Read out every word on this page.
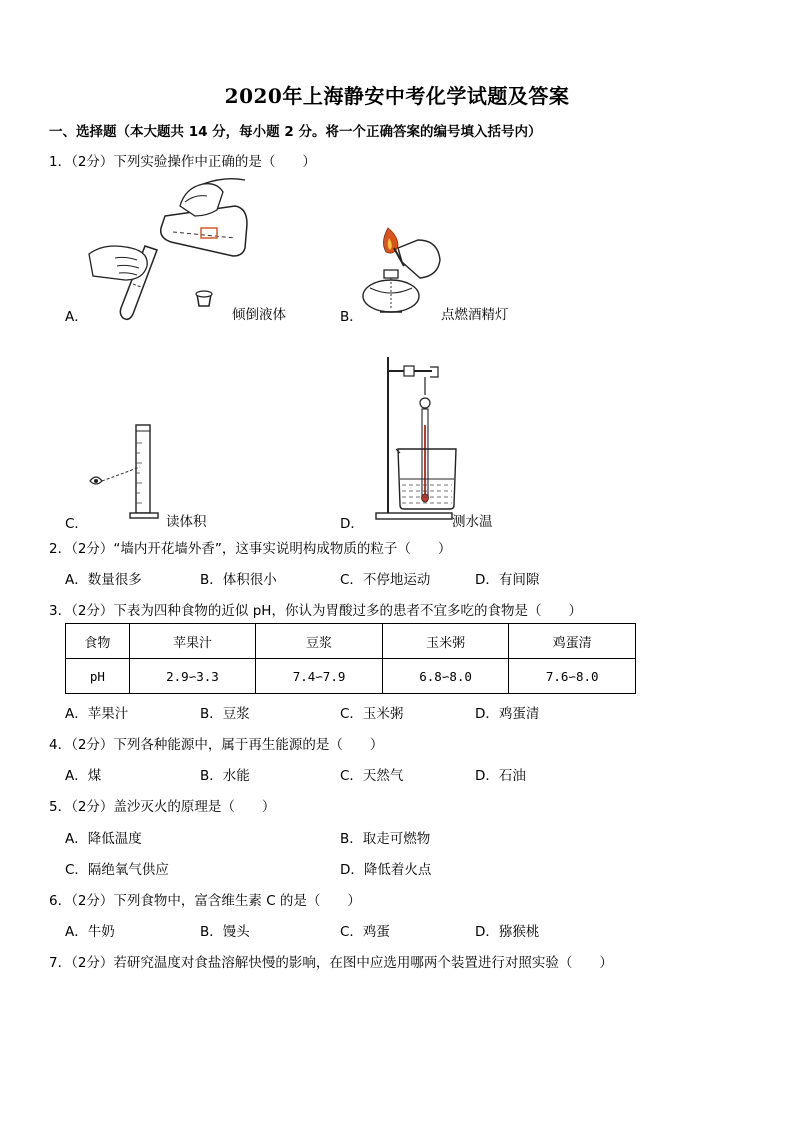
2020年上海静安中考化学试题及答案
一、选择题（本大题共 14 分，每小题 2 分。将一个正确答案的编号填入括号内）
1．（2分）下列实验操作中正确的是（　　）
A．	倾倒液体	B．	点燃酒精灯
C．	读体积	D．	测水温
2．（2分）“墙内开花墙外香”，这事实说明构成物质的粒子（　　）
A．数量很多	B．体积很小	C．不停地运动	D．有间隙
3．（2分）下表为四种食物的近似 pH，你认为胃酸过多的患者不宜多吃的食物是（　　）
食物	苹果汁	豆浆	玉米粥	鸡蛋清
pH	2.9∽3.3	7.4∽7.9	6.8∽8.0	7.6∽8.0
A．苹果汁	B．豆浆	C．玉米粥	D．鸡蛋清
4．（2分）下列各种能源中，属于再生能源的是（　　）
A．煤	B．水能	C．天然气	D．石油
5．（2分）盖沙灭火的原理是（　　）
A．降低温度	B．取走可燃物
C．隔绝氧气供应	D．降低着火点
6．（2分）下列食物中，富含维生素 C 的是（　　）
A．牛奶	B．馒头	C．鸡蛋	D．猕猴桃
7．（2分）若研究温度对食盐溶解快慢的影响，在图中应选用哪两个装置进行对照实验（　　）
